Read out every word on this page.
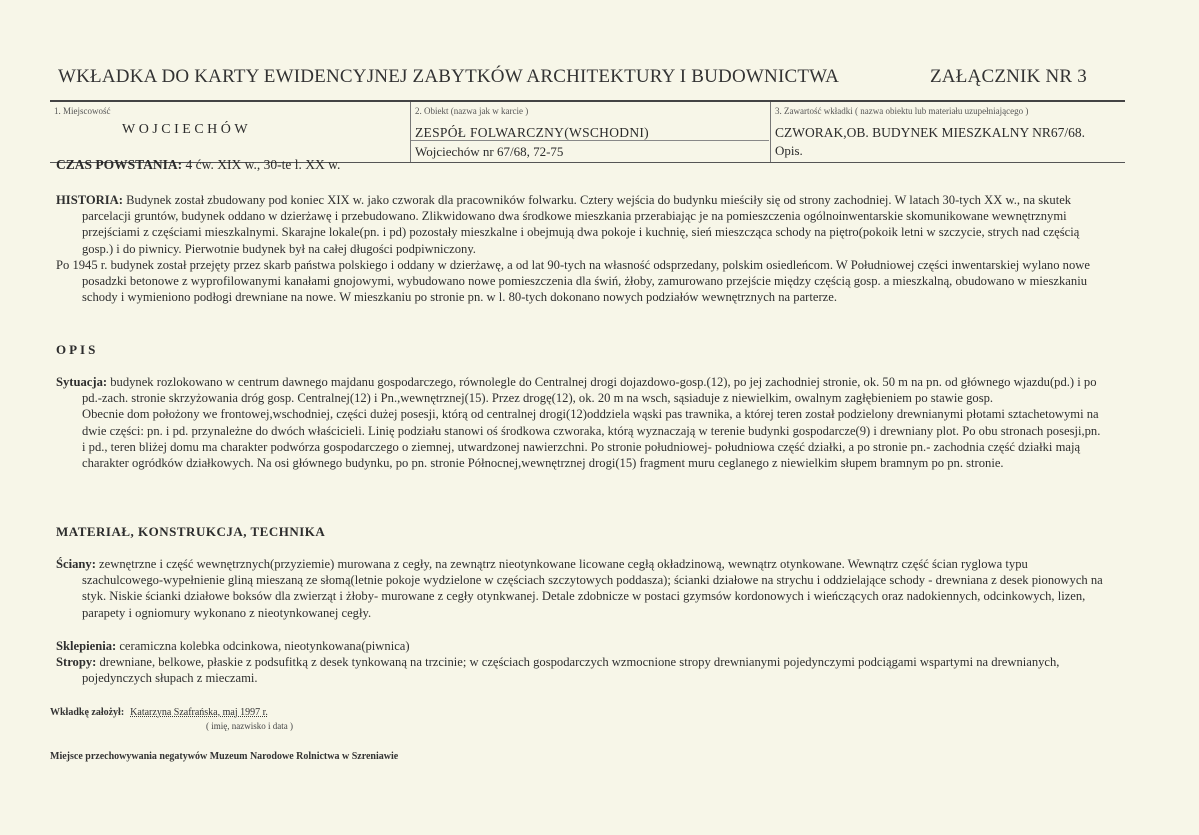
WKŁADKA DO KARTY EWIDENCYJNEJ ZABYTKÓW ARCHITEKTURY I BUDOWNICTWA	ZAŁĄCZNIK NR 3
1. Miejscowość
WOJCIECHÓW
2. Obiekt (nazwa jak w karcie )
ZESPÓŁ FOLWARCZNY(WSCHODNI)
Wojciechów nr 67/68, 72-75
3. Zawartość wkładki ( nazwa obiektu lub materiału uzupełniającego )
CZWORAK,OB. BUDYNEK MIESZKALNY NR67/68.
Opis.
CZAS POWSTANIA: 4 ćw. XIX w., 30-te l. XX w.

HISTORIA: Budynek został zbudowany pod koniec XIX w. jako czworak dla pracowników folwarku. Cztery wejścia do budynku mieściły się od strony zachodniej. W latach 30-tych XX w., na skutek parcelacji gruntów, budynek oddano w dzierżawę i przebudowano. Zlikwidowano dwa środkowe mieszkania przerabiając je na pomieszczenia ogólnoinwentarskie skomunikowane wewnętrznymi przejściami z częściami mieszkalnymi. Skarajne lokale(pn. i pd) pozostały mieszkalne i obejmują dwa pokoje i kuchnię, sień mieszcząca schody na piętro(pokoik letni w szczycie, strych nad częścią gosp.) i do piwnicy. Pierwotnie budynek był na całej długości podpiwniczony.

Po 1945 r. budynek został przejęty przez skarb państwa polskiego i oddany w dzierżawę, a od lat 90-tych na własność odsprzedany, polskim osiedleńcom. W Południowej części inwentarskiej wylano nowe posadzki betonowe z wyprofilowanymi kanałami gnojowymi, wybudowano nowe pomieszczenia dla świń, żłoby, zamurowano przejście między częścią gosp. a mieszkalną, obudowano w mieszkaniu schody i wymieniono podłogi drewniane na nowe. W mieszkaniu po stronie pn. w l. 80-tych dokonano nowych podziałów wewnętrznych na parterze.

OPIS

Sytuacja: budynek rozlokowano w centrum dawnego majdanu gospodarczego, równolegle do Centralnej drogi dojazdowo-gosp.(12), po jej zachodniej stronie, ok. 50 m na pn. od głównego wjazdu(pd.) i po pd.-zach. stronie skrzyżowania dróg gosp. Centralnej(12) i Pn.,wewnętrznej(15). Przez drogę(12), ok. 20 m na wsch, sąsiaduje z niewielkim, owalnym zagłębieniem po stawie gosp.

Obecnie dom położony we frontowej,wschodniej, części dużej posesji, którą od centralnej drogi(12)oddziela wąski pas trawnika, a której teren został podzielony drewnianymi płotami sztachetowymi na dwie części: pn. i pd. przynależne do dwóch właścicieli. Linię podziału stanowi oś środkowa czworaka, którą wyznaczają w terenie budynki gospodarcze(9) i drewniany plot. Po obu stronach posesji,pn. i pd., teren bliżej domu ma charakter podwórza gospodarczego o ziemnej, utwardzonej nawierzchni. Po stronie południowej- południowa część działki, a po stronie pn.- zachodnia część działki mają charakter ogródków działkowych. Na osi głównego budynku, po pn. stronie Północnej,wewnętrznej drogi(15) fragment muru ceglanego z niewielkim słupem bramnym po pn. stronie.

MATERIAŁ, KONSTRUKCJA, TECHNIKA

Ściany: zewnętrzne i część wewnętrznych(przyziemie) murowana z cegły, na zewnątrz nieotynkowane licowane cegłą okładzinową, wewnątrz otynkowane. Wewnątrz część ścian ryglowa typu szachulcowego-wypełnienie gliną mieszaną ze słomą(letnie pokoje wydzielone w częściach szczytowych poddasza); ścianki działowe na strychu i oddzielające schody - drewniana z desek pionowych na styk. Niskie ścianki działowe boksów dla zwierząt i żłoby- murowane z cegły otynkwanej. Detale zdobnicze w postaci gzymsów kordonowych i wieńczących oraz nadokiennych, odcinkowych, lizen, parapety i ogniomury wykonano z nieotynkowanej cegły.

Sklepienia: ceramiczna kolebka odcinkowa, nieotynkowana(piwnica)

Stropy: drewniane, belkowe, płaskie z podsufitką z desek tynkowaną na trzcinie; w częściach gospodarczych wzmocnione stropy drewnianymi pojedynczymi podciągami wspartymi na drewnianych, pojedynczych słupach z mieczami.

Wkładkę założył: Katarzyna Szafrańska, maj 1997 r.
( imię, nazwisko i data )
Miejsce przechowywania negatywów Muzeum Narodowe Rolnictwa w Szreniawie
